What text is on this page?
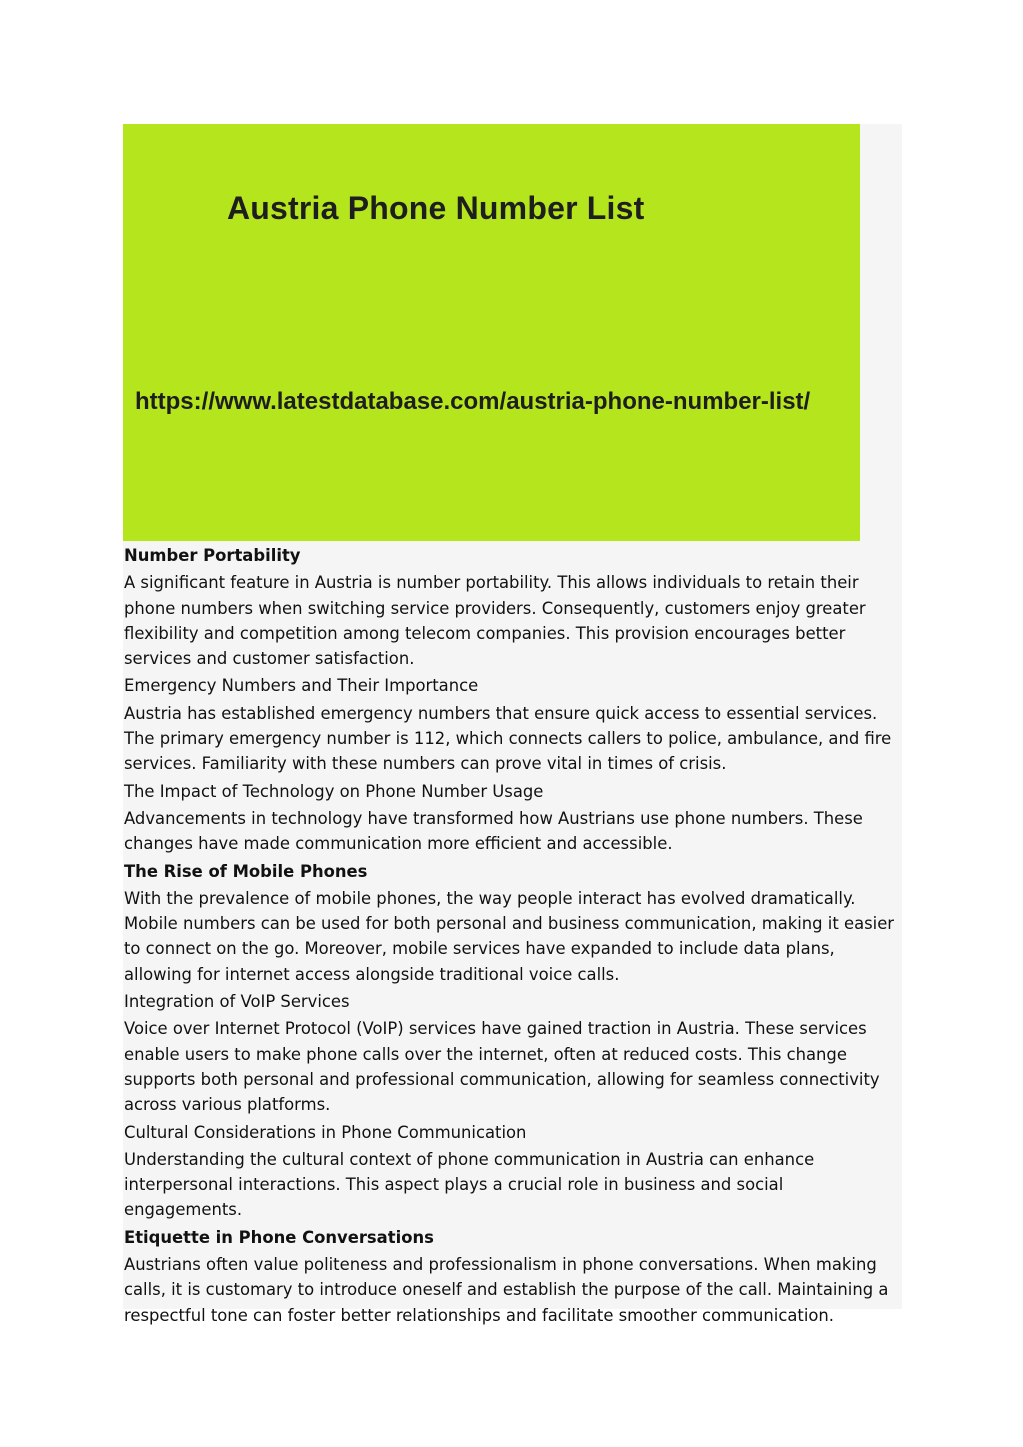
Austria Phone Number List

https://www.latestdatabase.com/austria-phone-number-list/

Number Portability

A significant feature in Austria is number portability. This allows individuals to retain their phone numbers when switching service providers. Consequently, customers enjoy greater flexibility and competition among telecom companies. This provision encourages better services and customer satisfaction.

Emergency Numbers and Their Importance

Austria has established emergency numbers that ensure quick access to essential services. The primary emergency number is 112, which connects callers to police, ambulance, and fire services. Familiarity with these numbers can prove vital in times of crisis.

The Impact of Technology on Phone Number Usage

Advancements in technology have transformed how Austrians use phone numbers. These changes have made communication more efficient and accessible.

The Rise of Mobile Phones

With the prevalence of mobile phones, the way people interact has evolved dramatically. Mobile numbers can be used for both personal and business communication, making it easier to connect on the go. Moreover, mobile services have expanded to include data plans, allowing for internet access alongside traditional voice calls.

Integration of VoIP Services

Voice over Internet Protocol (VoIP) services have gained traction in Austria. These services enable users to make phone calls over the internet, often at reduced costs. This change supports both personal and professional communication, allowing for seamless connectivity across various platforms.

Cultural Considerations in Phone Communication

Understanding the cultural context of phone communication in Austria can enhance interpersonal interactions. This aspect plays a crucial role in business and social engagements.

Etiquette in Phone Conversations

Austrians often value politeness and professionalism in phone conversations. When making calls, it is customary to introduce oneself and establish the purpose of the call. Maintaining a respectful tone can foster better relationships and facilitate smoother communication.
